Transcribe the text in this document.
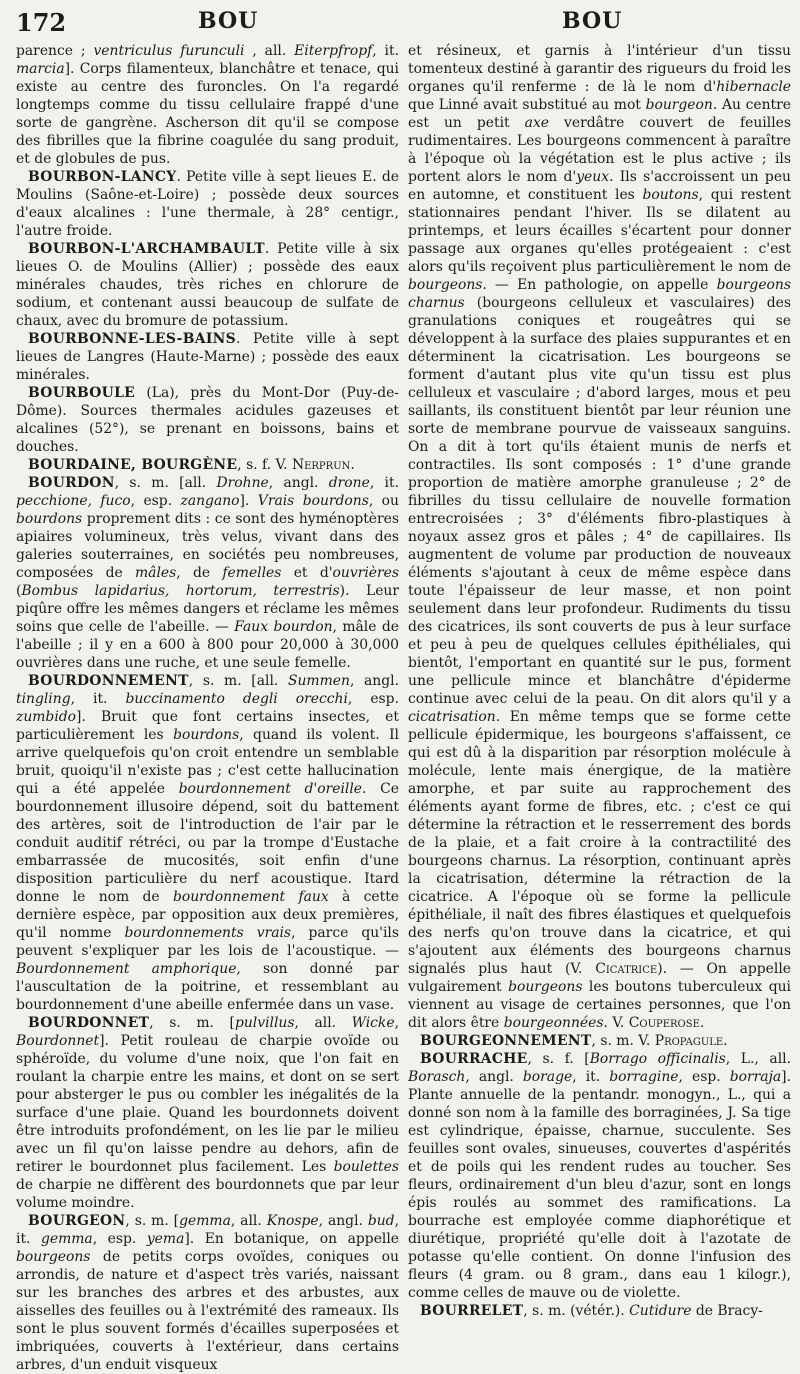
172	BOU	BOU

parence ; ventriculus furunculi , all. Eiterpfropf, it. marcia]. Corps filamenteux, blanchâtre et tenace, qui existe au centre des furoncles. On l'a regardé longtemps comme du tissu cellulaire frappé d'une sorte de gangrène. Ascherson dit qu'il se compose des fibrilles que la fibrine coagulée du sang produit, et de globules de pus.

BOURBON-LANCY. Petite ville à sept lieues E. de Moulins (Saône-et-Loire) ; possède deux sources d'eaux alcalines : l'une thermale, à 28° centigr., l'autre froide.

BOURBON-L'ARCHAMBAULT. Petite ville à six lieues O. de Moulins (Allier) ; possède des eaux minérales chaudes, très riches en chlorure de sodium, et contenant aussi beaucoup de sulfate de chaux, avec du bromure de potassium.

BOURBONNE-LES-BAINS. Petite ville à sept lieues de Langres (Haute-Marne) ; possède des eaux minérales.

BOURBOULE (La), près du Mont-Dor (Puy-de-Dôme). Sources thermales acidules gazeuses et alcalines (52°), se prenant en boissons, bains et douches.

BOURDAINE, BOURGÈNE, s. f. V. Nerprun.

BOURDON, s. m. [all. Drohne, angl. drone, it. pecchione, fuco, esp. zangano]. Vrais bourdons, ou bourdons proprement dits : ce sont des hyménoptères apiaires volumineux, très velus, vivant dans des galeries souterraines, en sociétés peu nombreuses, composées de mâles, de femelles et d'ouvrières (Bombus lapidarius, hortorum, terrestris). Leur piqûre offre les mêmes dangers et réclame les mêmes soins que celle de l'abeille. — Faux bourdon, mâle de l'abeille ; il y en a 600 à 800 pour 20,000 à 30,000 ouvrières dans une ruche, et une seule femelle.

BOURDONNEMENT, s. m. [all. Summen, angl. tingling, it. buccinamento degli orecchi, esp. zumbido]. Bruit que font certains insectes, et particulièrement les bourdons, quand ils volent. Il arrive quelquefois qu'on croit entendre un semblable bruit, quoiqu'il n'existe pas ; c'est cette hallucination qui a été appelée bourdonnement d'oreille. Ce bourdonnement illusoire dépend, soit du battement des artères, soit de l'introduction de l'air par le conduit auditif rétréci, ou par la trompe d'Eustache embarrassée de mucosités, soit enfin d'une disposition particulière du nerf acoustique. Itard donne le nom de bourdonnement faux à cette dernière espèce, par opposition aux deux premières, qu'il nomme bourdonnements vrais, parce qu'ils peuvent s'expliquer par les lois de l'acoustique. — Bourdonnement amphorique, son donné par l'auscultation de la poitrine, et ressemblant au bourdonnement d'une abeille enfermée dans un vase.

BOURDONNET, s. m. [pulvillus, all. Wicke, Bourdonnet]. Petit rouleau de charpie ovoïde ou sphéroïde, du volume d'une noix, que l'on fait en roulant la charpie entre les mains, et dont on se sert pour absterger le pus ou combler les inégalités de la surface d'une plaie. Quand les bourdonnets doivent être introduits profondément, on les lie par le milieu avec un fil qu'on laisse pendre au dehors, afin de retirer le bourdonnet plus facilement. Les boulettes de charpie ne diffèrent des bourdonnets que par leur volume moindre.

BOURGEON, s. m. [gemma, all. Knospe, angl. bud, it. gemma, esp. yema]. En botanique, on appelle bourgeons de petits corps ovoïdes, coniques ou arrondis, de nature et d'aspect très variés, naissant sur les branches des arbres et des arbustes, aux aisselles des feuilles ou à l'extrémité des rameaux. Ils sont le plus souvent formés d'écailles superposées et imbriquées, couverts à l'extérieur, dans certains arbres, d'un enduit visqueux

et résineux, et garnis à l'intérieur d'un tissu tomenteux destiné à garantir des rigueurs du froid les organes qu'il renferme : de là le nom d'hibernacle que Linné avait substitué au mot bourgeon. Au centre est un petit axe verdâtre couvert de feuilles rudimentaires. Les bourgeons commencent à paraître à l'époque où la végétation est le plus active ; ils portent alors le nom d'yeux. Ils s'accroissent un peu en automne, et constituent les boutons, qui restent stationnaires pendant l'hiver. Ils se dilatent au printemps, et leurs écailles s'écartent pour donner passage aux organes qu'elles protégeaient : c'est alors qu'ils reçoivent plus particulièrement le nom de bourgeons. — En pathologie, on appelle bourgeons charnus (bourgeons celluleux et vasculaires) des granulations coniques et rougeâtres qui se développent à la surface des plaies suppurantes et en déterminent la cicatrisation. Les bourgeons se forment d'autant plus vite qu'un tissu est plus celluleux et vasculaire ; d'abord larges, mous et peu saillants, ils constituent bientôt par leur réunion une sorte de membrane pourvue de vaisseaux sanguins. On a dit à tort qu'ils étaient munis de nerfs et contractiles. Ils sont composés : 1° d'une grande proportion de matière amorphe granuleuse ; 2° de fibrilles du tissu cellulaire de nouvelle formation entrecroisées ; 3° d'éléments fibro-plastiques à noyaux assez gros et pâles ; 4° de capillaires. Ils augmentent de volume par production de nouveaux éléments s'ajoutant à ceux de même espèce dans toute l'épaisseur de leur masse, et non point seulement dans leur profondeur. Rudiments du tissu des cicatrices, ils sont couverts de pus à leur surface et peu à peu de quelques cellules épithéliales, qui bientôt, l'emportant en quantité sur le pus, forment une pellicule mince et blanchâtre d'épiderme continue avec celui de la peau. On dit alors qu'il y a cicatrisation. En même temps que se forme cette pellicule épidermique, les bourgeons s'affaissent, ce qui est dû à la disparition par résorption molécule à molécule, lente mais énergique, de la matière amorphe, et par suite au rapprochement des éléments ayant forme de fibres, etc. ; c'est ce qui détermine la rétraction et le resserrement des bords de la plaie, et a fait croire à la contractilité des bourgeons charnus. La résorption, continuant après la cicatrisation, détermine la rétraction de la cicatrice. A l'époque où se forme la pellicule épithéliale, il naît des fibres élastiques et quelquefois des nerfs qu'on trouve dans la cicatrice, et qui s'ajoutent aux éléments des bourgeons charnus signalés plus haut (V. Cicatrice). — On appelle vulgairement bourgeons les boutons tuberculeux qui viennent au visage de certaines personnes, que l'on dit alors être bourgeonnées. V. Couperose.

BOURGEONNEMENT, s. m. V. Propagule.

BOURRACHE, s. f. [Borrago officinalis, L., all. Borasch, angl. borage, it. borragine, esp. borraja]. Plante annuelle de la pentandr. monogyn., L., qui a donné son nom à la famille des borraginées, J. Sa tige est cylindrique, épaisse, charnue, succulente. Ses feuilles sont ovales, sinueuses, couvertes d'aspérités et de poils qui les rendent rudes au toucher. Ses fleurs, ordinairement d'un bleu d'azur, sont en longs épis roulés au sommet des ramifications. La bourrache est employée comme diaphorétique et diurétique, propriété qu'elle doit à l'azotate de potasse qu'elle contient. On donne l'infusion des fleurs (4 gram. ou 8 gram., dans eau 1 kilogr.), comme celles de mauve ou de violette.

BOURRELET, s. m. (vétér.). Cutidure de Bracy-
